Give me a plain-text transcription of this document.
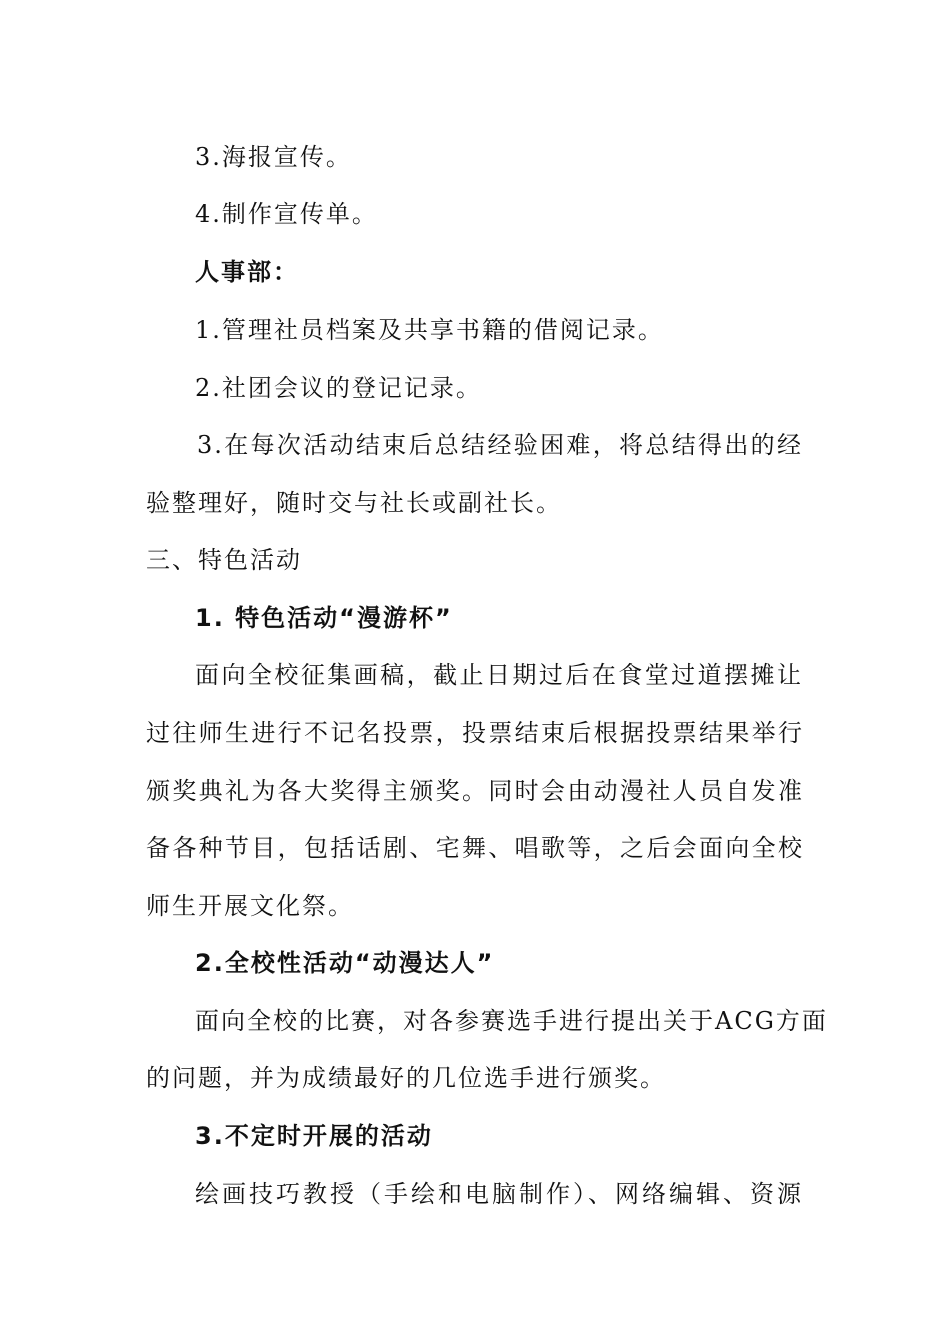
3.海报宣传。
4.制作宣传单。
人事部：
1.管理社员档案及共享书籍的借阅记录。
2.社团会议的登记记录。
3.在每次活动结束后总结经验困难，将总结得出的经
验整理好，随时交与社长或副社长。
三、特色活动
1. 特色活动“漫游杯”
面向全校征集画稿，截止日期过后在食堂过道摆摊让
过往师生进行不记名投票，投票结束后根据投票结果举行
颁奖典礼为各大奖得主颁奖。同时会由动漫社人员自发准
备各种节目，包括话剧、宅舞、唱歌等，之后会面向全校
师生开展文化祭。
2.全校性活动“动漫达人”
面向全校的比赛，对各参赛选手进行提出关于ACG方面
的问题，并为成绩最好的几位选手进行颁奖。
3.不定时开展的活动
绘画技巧教授（手绘和电脑制作）、网络编辑、资源
